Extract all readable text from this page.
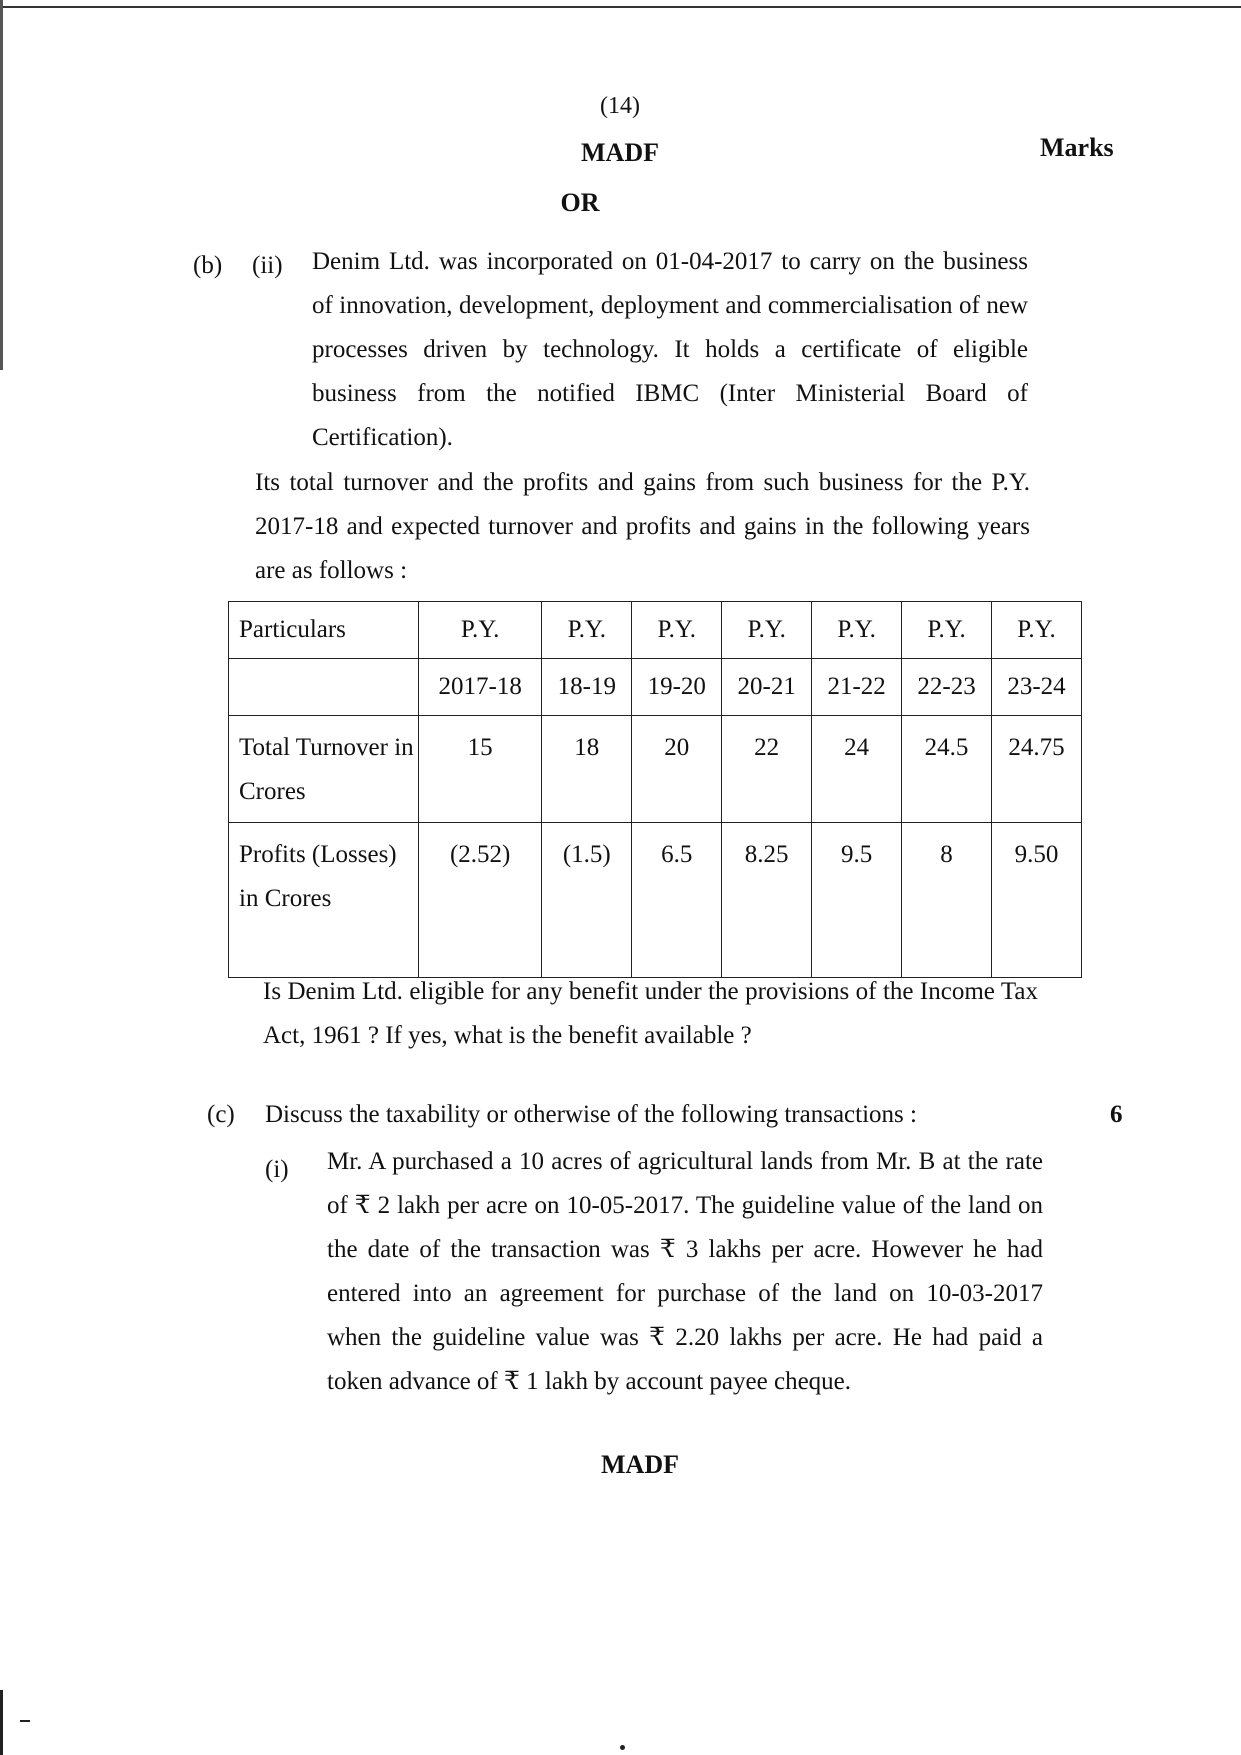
(14)
MADF	Marks
OR
(b) (ii) Denim Ltd. was incorporated on 01-04-2017 to carry on the business of innovation, development, deployment and commercialisation of new processes driven by technology. It holds a certificate of eligible business from the notified IBMC (Inter Ministerial Board of Certification).

Its total turnover and the profits and gains from such business for the P.Y. 2017-18 and expected turnover and profits and gains in the following years are as follows :

Particulars	P.Y.	P.Y.	P.Y.	P.Y.	P.Y.	P.Y.	P.Y.
	2017-18	18-19	19-20	20-21	21-22	22-23	23-24
Total Turnover in Crores	15	18	20	22	24	24.5	24.75
Profits (Losses) in Crores	(2.52)	(1.5)	6.5	8.25	9.5	8	9.50

Is Denim Ltd. eligible for any benefit under the provisions of the Income Tax Act, 1961 ? If yes, what is the benefit available ?

(c) Discuss the taxability or otherwise of the following transactions :	6
(i) Mr. A purchased a 10 acres of agricultural lands from Mr. B at the rate of ₹ 2 lakh per acre on 10-05-2017. The guideline value of the land on the date of the transaction was ₹ 3 lakhs per acre. However he had entered into an agreement for purchase of the land on 10-03-2017 when the guideline value was ₹ 2.20 lakhs per acre. He had paid a token advance of ₹ 1 lakh by account payee cheque.

MADF
